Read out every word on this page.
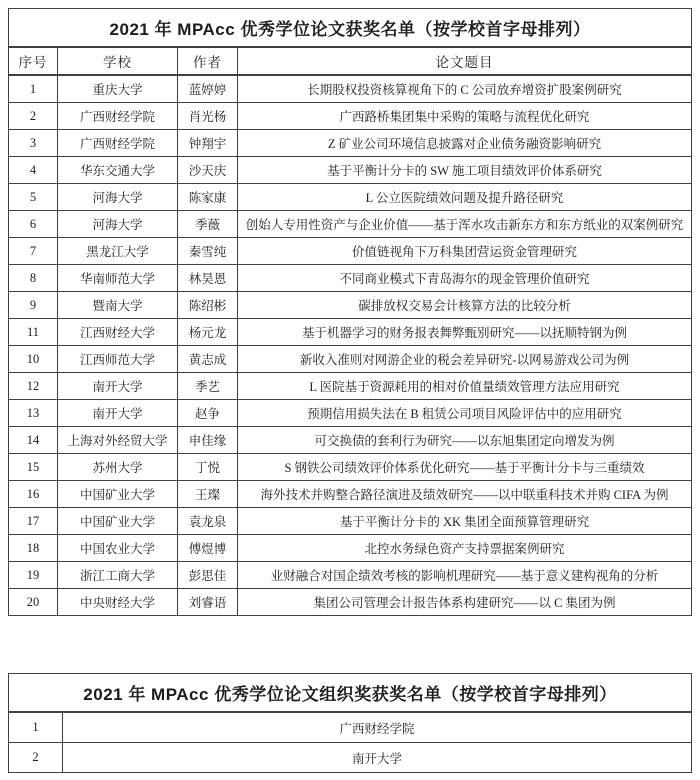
2021 年 MPAcc 优秀学位论文获奖名单（按学校首字母排列）			
序号	学校	作者	论文题目
1	重庆大学	蓝婷婷	长期股权投资核算视角下的 C 公司放弃增资扩股案例研究
2	广西财经学院	肖光杨	广西路桥集团集中采购的策略与流程优化研究
3	广西财经学院	钟翔宇	Z 矿业公司环境信息披露对企业债务融资影响研究
4	华东交通大学	沙天庆	基于平衡计分卡的 SW 施工项目绩效评价体系研究
5	河海大学	陈家康	L 公立医院绩效问题及提升路径研究
6	河海大学	季薇	创始人专用性资产与企业价值——基于浑水攻击新东方和东方纸业的双案例研究
7	黑龙江大学	秦雪纯	价值链视角下万科集团营运资金管理研究
8	华南师范大学	林昊恩	不同商业模式下青岛海尔的现金管理价值研究
9	暨南大学	陈绍彬	碳排放权交易会计核算方法的比较分析
11	江西财经大学	杨元龙	基于机器学习的财务报表舞弊甄别研究——以抚顺特钢为例
10	江西师范大学	黄志成	新收入准则对网游企业的税会差异研究-以网易游戏公司为例
12	南开大学	季艺	L 医院基于资源耗用的相对价值量绩效管理方法应用研究
13	南开大学	赵争	预期信用损失法在 B 租赁公司项目风险评估中的应用研究
14	上海对外经贸大学	申佳缘	可交换债的套利行为研究——以东旭集团定向增发为例
15	苏州大学	丁悦	S 钢铁公司绩效评价体系优化研究——基于平衡计分卡与三重绩效
16	中国矿业大学	王璨	海外技术并购整合路径演进及绩效研究——以中联重科技术并购 CIFA 为例
17	中国矿业大学	袁龙泉	基于平衡计分卡的 XK 集团全面预算管理研究
18	中国农业大学	傅煜博	北控水务绿色资产支持票据案例研究
19	浙江工商大学	彭思佳	业财融合对国企绩效考核的影响机理研究——基于意义建构视角的分析
20	中央财经大学	刘睿语	集团公司管理会计报告体系构建研究——以 C 集团为例
2021 年 MPAcc 优秀学位论文组织奖获奖名单（按学校首字母排列）	
1	广西财经学院
2	南开大学
